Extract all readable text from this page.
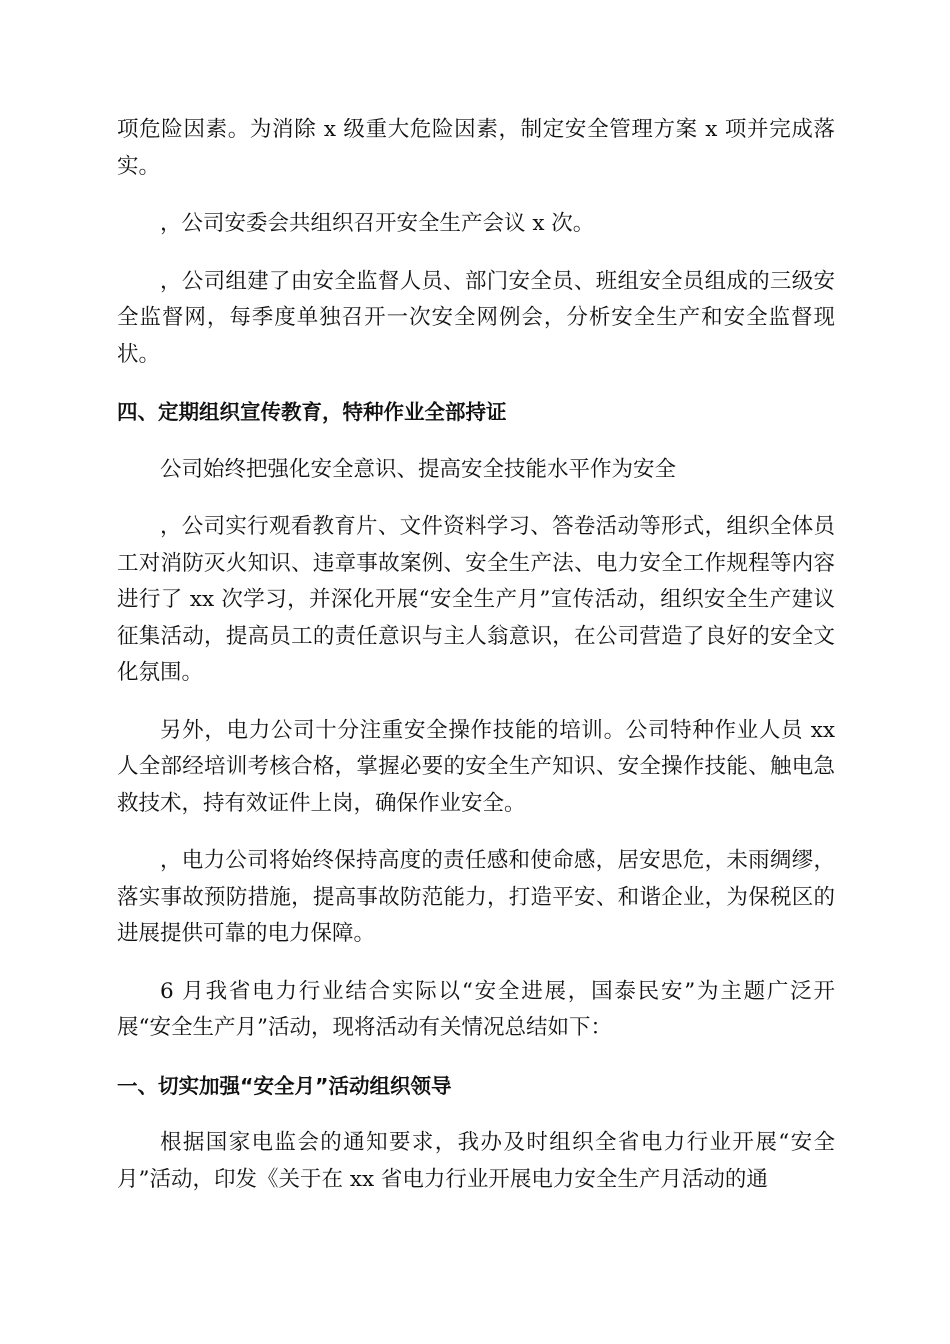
项危险因素。为消除 x 级重大危险因素，制定安全管理方案 x 项并完成落实。

，公司安委会共组织召开安全生产会议 x 次。

，公司组建了由安全监督人员、部门安全员、班组安全员组成的三级安全监督网，每季度单独召开一次安全网例会，分析安全生产和安全监督现状。

四、定期组织宣传教育，特种作业全部持证

公司始终把强化安全意识、提高安全技能水平作为安全

，公司实行观看教育片、文件资料学习、答卷活动等形式，组织全体员工对消防灭火知识、违章事故案例、安全生产法、电力安全工作规程等内容进行了 xx 次学习，并深化开展“安全生产月”宣传活动，组织安全生产建议征集活动，提高员工的责任意识与主人翁意识，在公司营造了良好的安全文化氛围。

另外，电力公司十分注重安全操作技能的培训。公司特种作业人员 xx 人全部经培训考核合格，掌握必要的安全生产知识、安全操作技能、触电急救技术，持有效证件上岗，确保作业安全。

，电力公司将始终保持高度的责任感和使命感，居安思危，未雨绸缪，落实事故预防措施，提高事故防范能力，打造平安、和谐企业，为保税区的进展提供可靠的电力保障。

6 月我省电力行业结合实际以“安全进展，国泰民安”为主题广泛开展“安全生产月”活动，现将活动有关情况总结如下：

一、切实加强“安全月”活动组织领导

根据国家电监会的通知要求，我办及时组织全省电力行业开展“安全月”活动，印发《关于在 xx 省电力行业开展电力安全生产月活动的通
